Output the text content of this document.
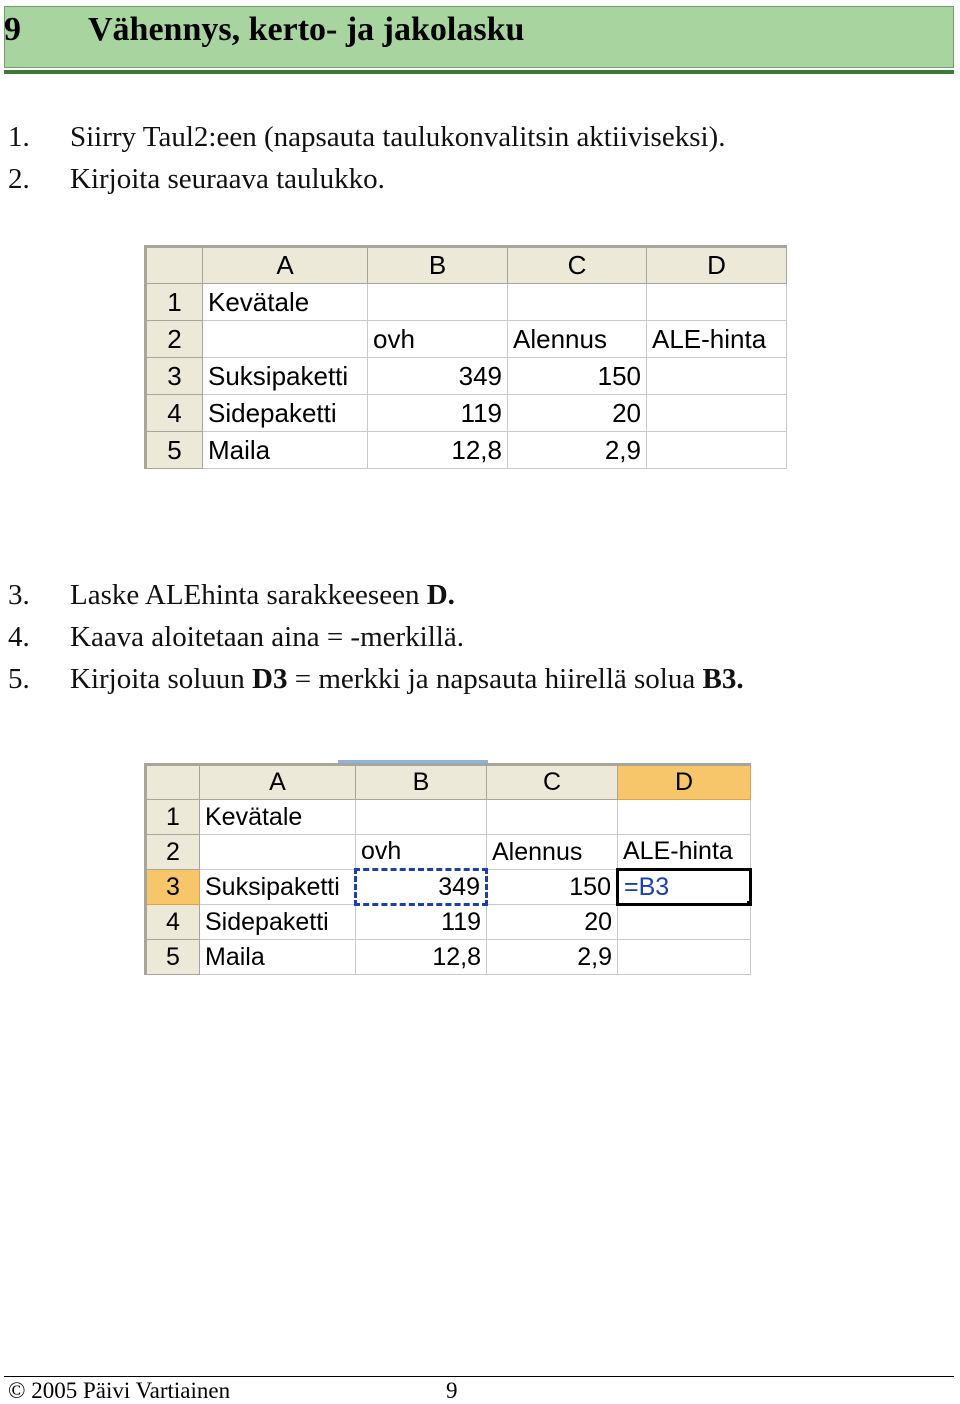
9 Vähennys, kerto- ja jakolasku
1. Siirry Taul2:een (napsauta taulukonvalitsin aktiiviseksi).
2. Kirjoita seuraava taulukko.
	A	B	C	D
1	Kevätale			
2		ovh	Alennus	ALE-hinta
3	Suksipaketti	349	150	
4	Sidepaketti	119	20	
5	Maila	12,8	2,9	
3. Laske ALEhinta sarakkeeseen D.
4. Kaava aloitetaan aina = -merkillä.
5. Kirjoita soluun D3 = merkki ja napsauta hiirellä solua B3.
	A	B	C	D
1	Kevätale			
2		ovh	Alennus	ALE-hinta
3	Suksipaketti	349	150	=B3

4	Sidepaketti	119	20	
5	Maila	12,8	2,9	
© 2005 Päivi Vartiainen	9
